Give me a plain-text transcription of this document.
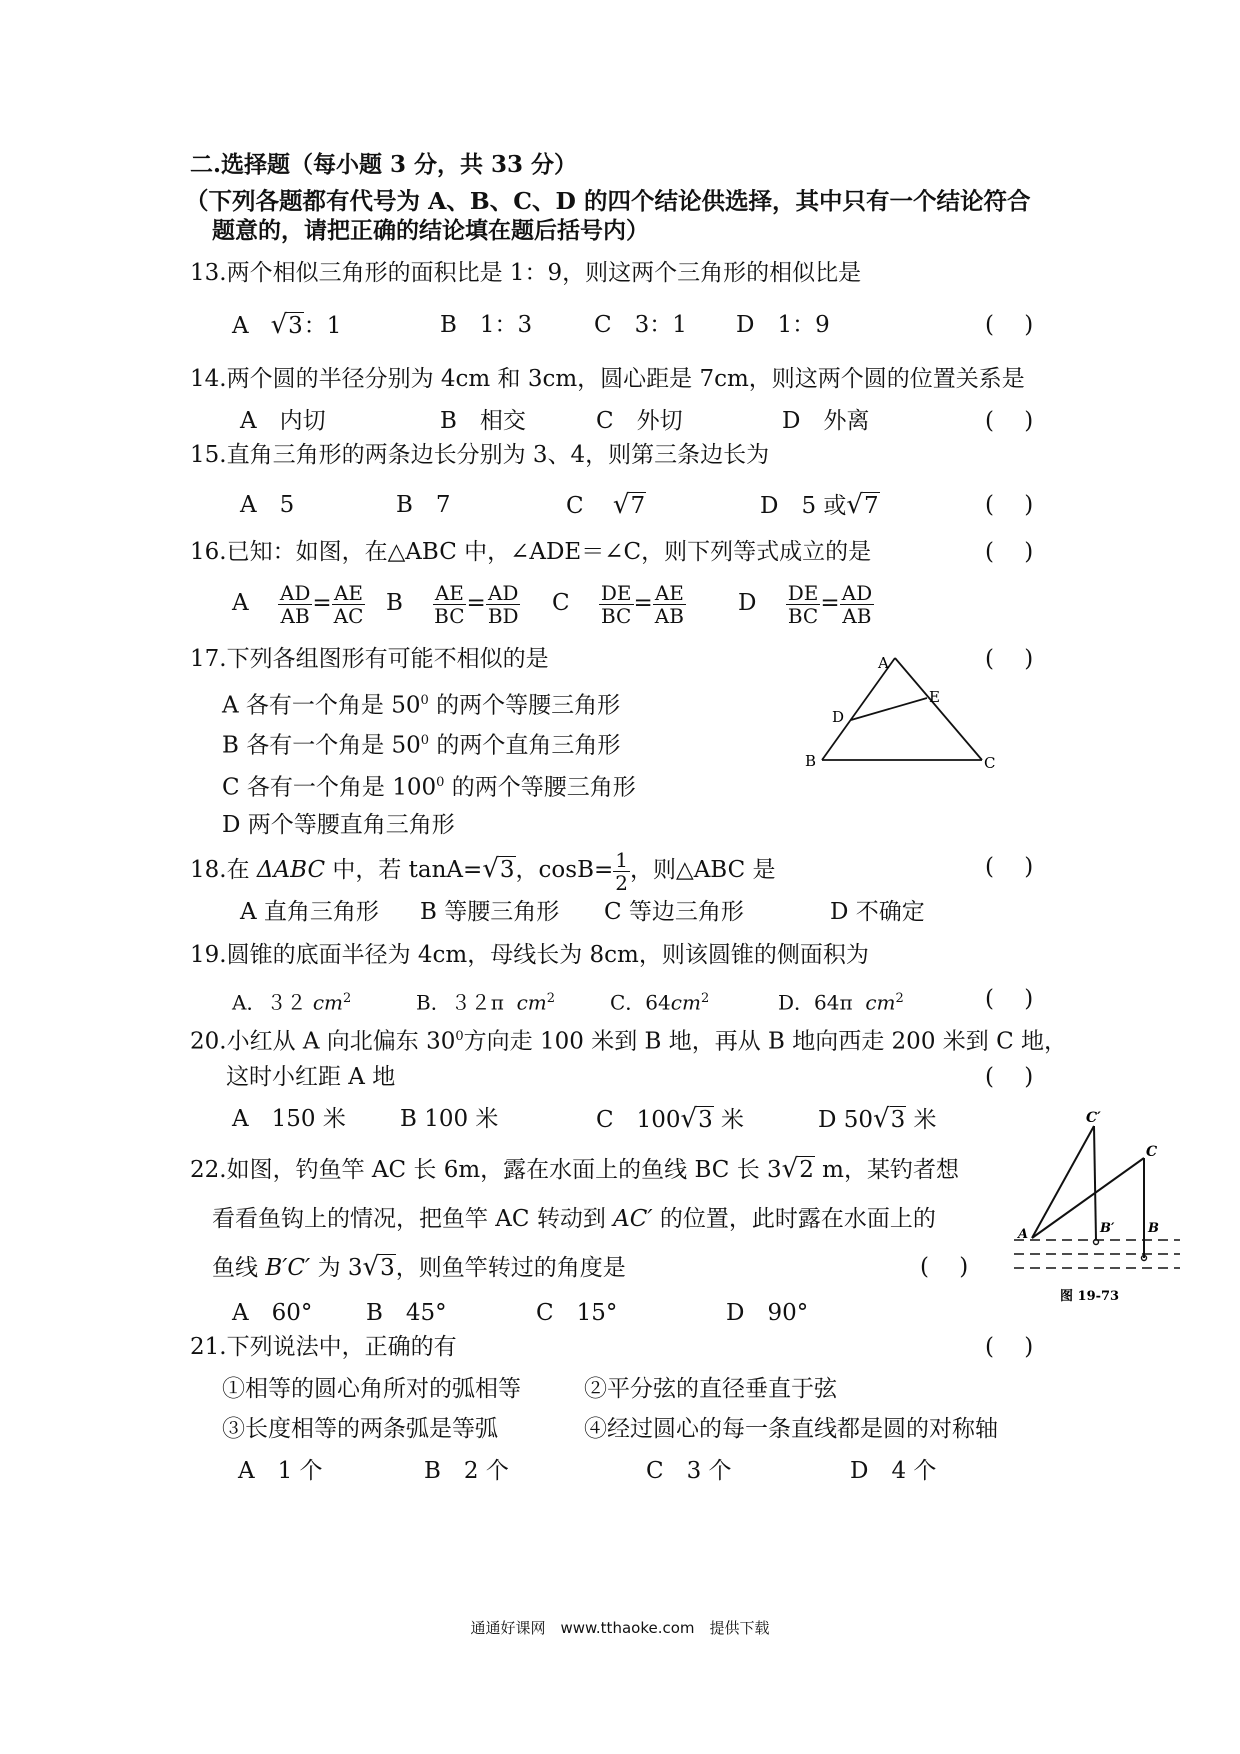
二.选择题（每小题 3 分，共 33 分）
（下列各题都有代号为 A、B、C、D 的四个结论供选择，其中只有一个结论符合
题意的，请把正确的结论填在题后括号内）
13.两个相似三角形的面积比是 1：9，则这两个三角形的相似比是
A √3：1	B　1：3	C　3：1 D　1：9	(　 )
14.两个圆的半径分别为 4cm 和 3cm，圆心距是 7cm，则这两个圆的位置关系是
A　内切	B　相交	C　外切	D　外离	(　 )
15.直角三角形的两条边长分别为 3、4，则第三条边长为
A　5	B　7	C √7	D　5 或√7	(　 )
16.已知：如图，在△ABC 中，∠ADE＝∠C，则下列等式成立的是	(　 )
A $\frac{AD}{AB} = \frac{AE}{AC}$ B $\frac{AE}{BC} = \frac{AD}{BD}$ C $\frac{DE}{BC} = \frac{AE}{AB}$ D $\frac{DE}{BC} = \frac{AD}{AB}$
17.下列各组图形有可能不相似的是	(　 )
A 各有一个角是 $50^0$ 的两个等腰三角形
B 各有一个角是 $50^0$ 的两个直角三角形
C 各有一个角是 $100^0$ 的两个等腰三角形
D 两个等腰直角三角形
A
B	C
D
E
18.在 ΔABC 中，若 tanA=√3，$\cos B= \frac{1}{2}$ ，则△ABC 是	(　 )
A 直角三角形 B 等腰三角形 C 等边三角形	D 不确定
19.圆锥的底面半径为 4cm，母线长为 8cm，则该圆锥的侧面积为
A．３２ $cm^2$	B．３２π $cm^2$	C．$64cm^2$	D．64π $cm^2$	(　 )
20.小红从 A 向北偏东 $30^0$方向走 100 米到 B 地，再从 B 地向西走 200 米到 C 地，
这时小红距 A 地	(　 )
A　150 米 B 100 米	C　100√3 米	D 50√3 米
22.如图，钓鱼竿 AC 长 6m，露在水面上的鱼线 BC 长 3√2 m，某钓者想
看看鱼钩上的情况，把鱼竿 AC 转动到 AC′ 的位置，此时露在水面上的
鱼线 B′C′ 为 3√3，则鱼竿转过的角度是	(　 )
A　60° B　45°	C　15°	D　90°
C′
C
A	B′	B
图 19-73
21.下列说法中，正确的有	(　 )
①相等的圆心角所对的弧相等	②平分弦的直径垂直于弦
③长度相等的两条弧是等弧	④经过圆心的每一条直线都是圆的对称轴
A　1 个	B　2 个	C　3 个	D　4 个
通通好课网　www.tthaoke.com　提供下载
